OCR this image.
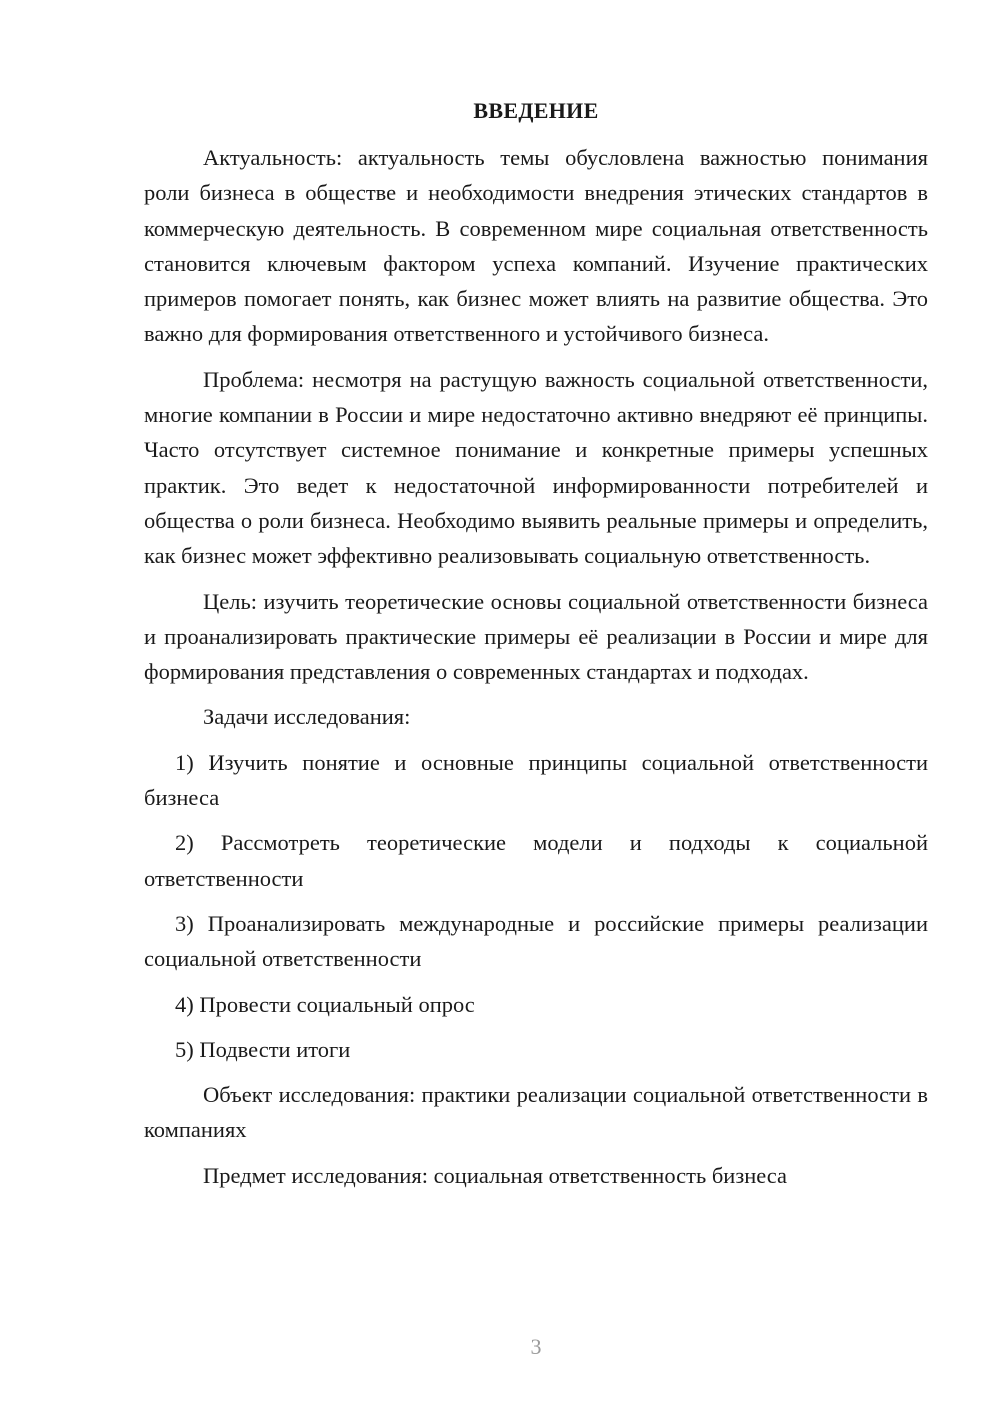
ВВЕДЕНИЕ

Актуальность: актуальность темы обусловлена важностью понимания роли бизнеса в обществе и необходимости внедрения этических стандартов в коммерческую деятельность. В современном мире социальная ответственность становится ключевым фактором успеха компаний. Изучение практических примеров помогает понять, как бизнес может влиять на развитие общества. Это важно для формирования ответственного и устойчивого бизнеса.

Проблема: несмотря на растущую важность социальной ответственности, многие компании в России и мире недостаточно активно внедряют её принципы. Часто отсутствует системное понимание и конкретные примеры успешных практик. Это ведет к недостаточной информированности потребителей и общества о роли бизнеса. Необходимо выявить реальные примеры и определить, как бизнес может эффективно реализовывать социальную ответственность.

Цель: изучить теоретические основы социальной ответственности бизнеса и проанализировать практические примеры её реализации в России и мире для формирования представления о современных стандартах и подходах.

Задачи исследования:

1) Изучить понятие и основные принципы социальной ответственности бизнеса

2) Рассмотреть теоретические модели и подходы к социальной ответственности

3) Проанализировать международные и российские примеры реализации социальной ответственности

4) Провести социальный опрос

5) Подвести итоги

Объект исследования: практики реализации социальной ответственности в компаниях

Предмет исследования: социальная ответственность бизнеса

3
